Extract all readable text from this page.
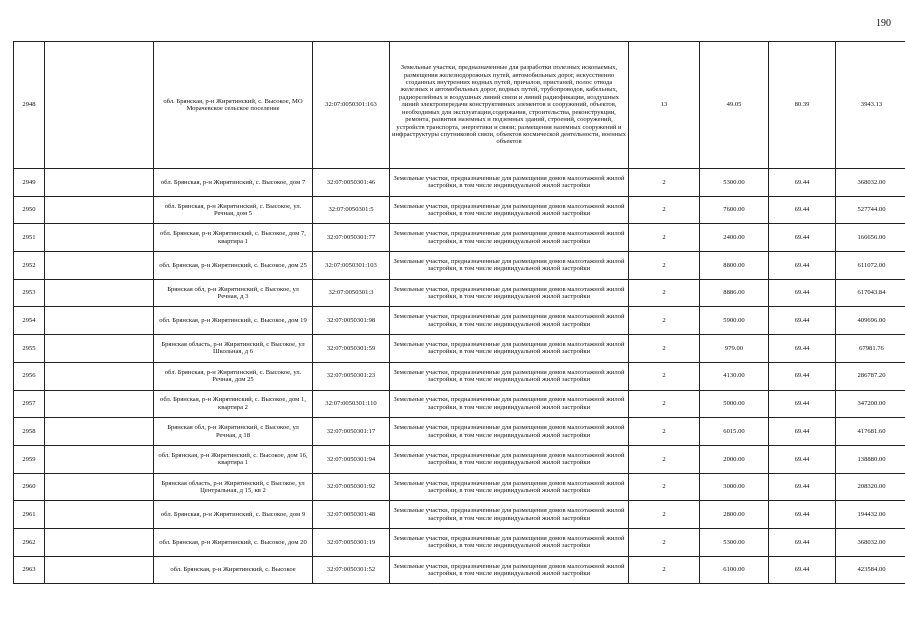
190
2948		обл. Брянская, р-н Жирятинский, с. Высокое, МО Морачевское сельское поселение	32:07:0050301:163	Земельные участки, предназначенные для разработки полезных ископаемых, размещения железнодорожных путей, автомобильных дорог, искусственно созданных внутренних водных путей, причалов, пристаней, полос отвода железных и автомобильных дорог, водных путей, трубопроводов, кабельных, радиорелейных и воздушных линий связи и линий радиофикации, воздушных линий электропередачи конструктивных элементов и сооружений, объектов, необходимых для эксплуатации,содержания, строительства, реконструкции, ремонта, развития наземных и подземных зданий, строений, сооружений, устройств транспорта, энергетики и связи; размещения наземных сооружений и инфраструктуры спутниковой связи, объектов космической деятельности, военных объектов	13	49.05	80.39	3943.13
2949		обл. Брянская, р-н Жирятинский, с. Высокое, дом 7	32:07:0050301:46	Земельные участки, предназначенные для размещения домов малоэтажной жилой застройки, в том числе индивидуальной жилой застройки	2	5300.00	69.44	368032.00
2950		обл. Брянская, р-н Жирятинский, с. Высокое, ул. Речная, дом 5	32:07:0050301:5	Земельные участки, предназначенные для размещения домов малоэтажной жилой застройки, в том числе индивидуальной жилой застройки	2	7600.00	69.44	527744.00
2951		обл. Брянская, р-н Жирятинский, с. Высокое, дом 7, квартира 1	32:07:0050301:77	Земельные участки, предназначенные для размещения домов малоэтажной жилой застройки, в том числе индивидуальной жилой застройки	2	2400.00	69.44	166656.00
2952		обл. Брянская, р-н Жирятинский, с. Высокое, дом 25	32:07:0050301:103	Земельные участки, предназначенные для размещения домов малоэтажной жилой застройки, в том числе индивидуальной жилой застройки	2	8800.00	69.44	611072.00
2953		Брянская обл, р-н Жирятинский, с Высокое, ул Речная, д 3	32:07:0050301:3	Земельные участки, предназначенные для размещения домов малоэтажной жилой застройки, в том числе индивидуальной жилой застройки	2	8886.00	69.44	617043.84
2954		обл. Брянская, р-н Жирятинский, с. Высокое, дом 19	32:07:0050301:98	Земельные участки, предназначенные для размещения домов малоэтажной жилой застройки, в том числе индивидуальной жилой застройки	2	5900.00	69.44	409696.00
2955		Брянская область, р-н Жирятинский, с Высокое, ул Школьная, д 6	32:07:0050301:59	Земельные участки, предназначенные для размещения домов малоэтажной жилой застройки, в том числе индивидуальной жилой застройки	2	979.00	69.44	67981.76
2956		обл. Брянская, р-н Жирятинский, с. Высокое, ул. Речная, дом 25	32:07:0050301:23	Земельные участки, предназначенные для размещения домов малоэтажной жилой застройки, в том числе индивидуальной жилой застройки	2	4130.00	69.44	286787.20
2957		обл. Брянская, р-н Жирятинский, с. Высокое, дом 1, квартира 2	32:07:0050301:110	Земельные участки, предназначенные для размещения домов малоэтажной жилой застройки, в том числе индивидуальной жилой застройки	2	5000.00	69.44	347200.00
2958		Брянская обл, р-н Жирятинский, с Высокое, ул Речная, д 18	32:07:0050301:17	Земельные участки, предназначенные для размещения домов малоэтажной жилой застройки, в том числе индивидуальной жилой застройки	2	6015.00	69.44	417681.60
2959		обл. Брянская, р-н Жирятинский, с. Высокое, дом 16, квартира 1	32:07:0050301:94	Земельные участки, предназначенные для размещения домов малоэтажной жилой застройки, в том числе индивидуальной жилой застройки	2	2000.00	69.44	138880.00
2960		Брянская область, р-н Жирятинский, с Высокое, ул Центральная, д 15, кв 2	32:07:0050301:92	Земельные участки, предназначенные для размещения домов малоэтажной жилой застройки, в том числе индивидуальной жилой застройки	2	3000.00	69.44	208320.00
2961		обл. Брянская, р-н Жирятинский, с. Высокое, дом 9	32:07:0050301:48	Земельные участки, предназначенные для размещения домов малоэтажной жилой застройки, в том числе индивидуальной жилой застройки	2	2800.00	69.44	194432.00
2962		обл. Брянская, р-н Жирятинский, с. Высокое, дом 20	32:07:0050301:19	Земельные участки, предназначенные для размещения домов малоэтажной жилой застройки, в том числе индивидуальной жилой застройки	2	5300.00	69.44	368032.00
2963		обл. Брянская, р-н Жирятинский, с. Высокое	32:07:0050301:52	Земельные участки, предназначенные для размещения домов малоэтажной жилой застройки, в том числе индивидуальной жилой застройки	2	6100.00	69.44	423584.00
